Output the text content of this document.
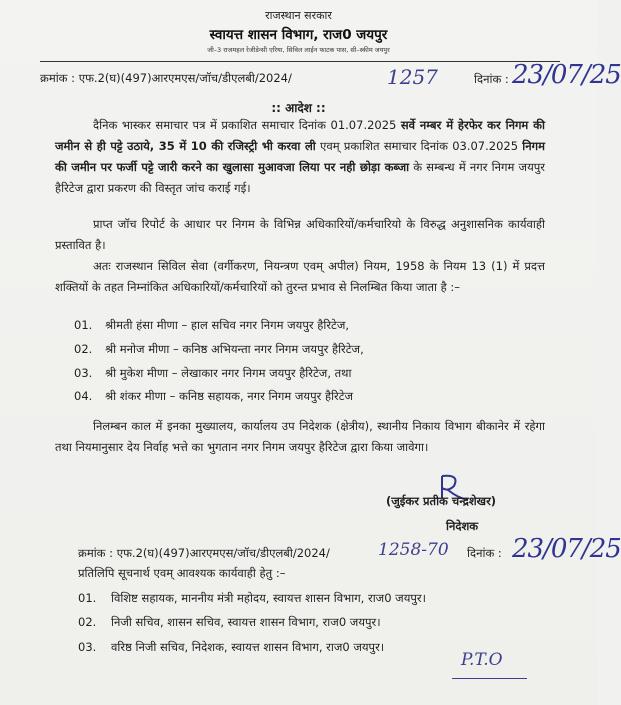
राजस्थान सरकार
स्वायत्त शासन विभाग, राज0 जयपुर
जी–3 राजमहल रेजीडेन्सी एरिया, सिविल लाईन फाटक पास, सी–स्कीम जयपुर
क्रमांक : एफ.2(घ)(497)आरएमएस/जॉच/डीएलबी/2024/	1257	दिनांक : 23/07/25
:: आदेश ::
दैनिक भास्कर समाचार पत्र में प्रकाशित समाचार दिनांक 01.07.2025 सर्वे नम्बर में हेरफेर कर निगम की जमीन से ही पट्टे उठाये, 35 में 10 की रजिस्ट्री भी करवा ली एवम् प्रकाशित समाचार दिनांक 03.07.2025 निगम की जमीन पर फर्जी पट्टे जारी करने का खुलासा मुआवजा लिया पर नही छोड़ा कब्जा के सम्बन्ध में नगर निगम जयपुर हैरिटेज द्वारा प्रकरण की विस्तृत जांच कराई गई।
प्राप्त जॉच रिपोर्ट के आधार पर निगम के विभिन्न अधिकारियों/कर्मचारियो के विरुद्ध अनुशासनिक कार्यवाही प्रस्तावित है।
अतः राजस्थान सिविल सेवा (वर्गीकरण, नियन्त्रण एवम् अपील) नियम, 1958 के नियम 13 (1) में प्रदत्त शक्तियों के तहत निम्नांकित अधिकारियों/कर्मचारियों को तुरन्त प्रभाव से निलम्बित किया जाता है :–
01. श्रीमती हंसा मीणा – हाल सचिव नगर निगम जयपुर हैरिटेज,
02. श्री मनोज मीणा – कनिष्ठ अभियन्ता नगर निगम जयपुर हैरिटेज,
03. श्री मुकेश मीणा – लेखाकार नगर निगम जयपुर हैरिटेज, तथा
04. श्री शंकर मीणा – कनिष्ठ सहायक, नगर निगम जयपुर हैरिटेज
निलम्बन काल में इनका मुख्यालय, कार्यालय उप निदेशक (क्षेत्रीय), स्थानीय निकाय विभाग बीकानेर में रहेगा तथा नियमानुसार देय निर्वाह भत्ते का भुगतान नगर निगम जयपुर हैरिटेज द्वारा किया जावेगा।
(जुईकर प्रतीक चन्द्रशेखर)
निदेशक
क्रमांक : एफ.2(घ)(497)आरएमएस/जॉच/डीएलबी/2024/	1258-70 दिनांक : 23/07/25
प्रतिलिपि सूचनार्थ एवम् आवश्यक कार्यवाही हेतु :–
01. विशिष्ट सहायक, माननीय मंत्री महोदय, स्वायत्त शासन विभाग, राज0 जयपुर।
02. निजी सचिव, शासन सचिव, स्वायत्त शासन विभाग, राज0 जयपुर।
03. वरिष्ठ निजी सचिव, निदेशक, स्वायत्त शासन विभाग, राज0 जयपुर।
P.T.O
